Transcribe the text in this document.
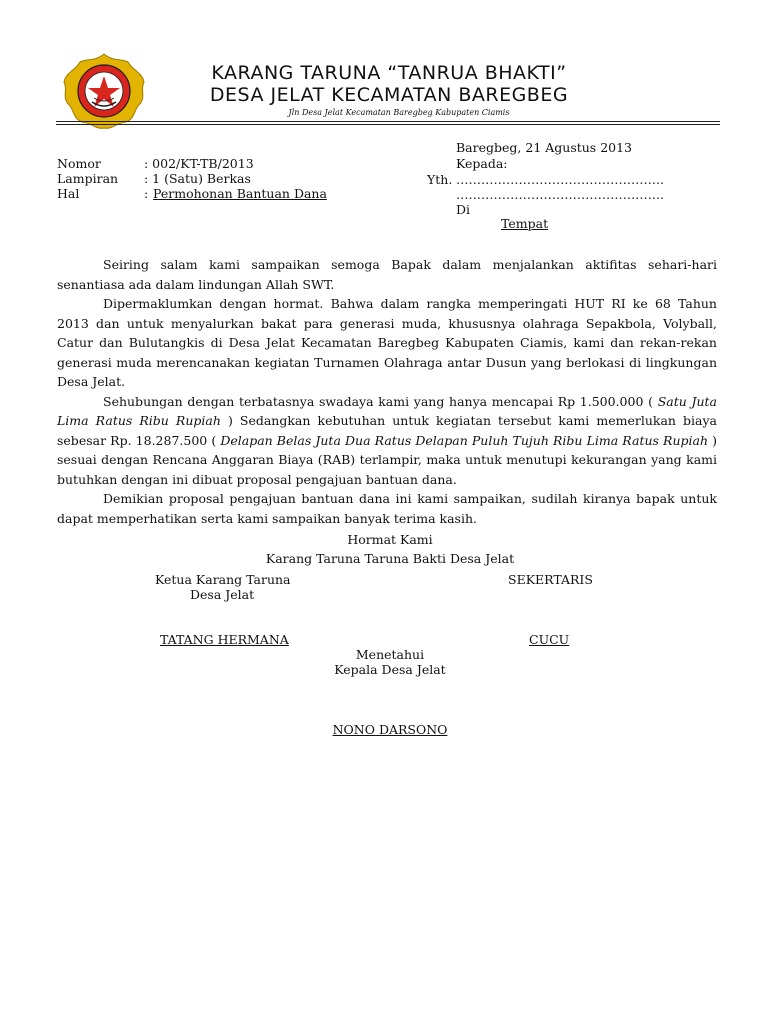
KARANG TARUNA “TANRUA BHAKTI”
DESA JELAT KECAMATAN BAREGBEG
Jln Desa Jelat Kecamatan Baregbeg Kabupaten Ciamis
Baregbeg, 21 Agustus 2013
Kepada:
Yth. …………………………………………..
…………………………………………..
Di
Tempat
Nomor	: 002/KT-TB/2013
Lampiran : 1 (Satu) Berkas
Hal	: Permohonan Bantuan Dana

Seiring salam kami sampaikan semoga Bapak dalam menjalankan aktifitas sehari-hari senantiasa ada dalam lindungan Allah SWT.

Dipermaklumkan dengan hormat. Bahwa dalam rangka memperingati HUT RI ke 68 Tahun 2013 dan untuk menyalurkan bakat para generasi muda, khususnya olahraga Sepakbola, Volyball, Catur dan Bulutangkis di Desa Jelat Kecamatan Baregbeg Kabupaten Ciamis, kami dan rekan-rekan generasi muda merencanakan kegiatan Turnamen Olahraga antar Dusun yang berlokasi di lingkungan Desa Jelat.

Sehubungan dengan terbatasnya swadaya kami yang hanya mencapai Rp 1.500.000 ( Satu Juta Lima Ratus Ribu Rupiah ) Sedangkan kebutuhan untuk kegiatan tersebut kami memerlukan biaya sebesar Rp. 18.287.500 ( Delapan Belas Juta Dua Ratus Delapan Puluh Tujuh Ribu Lima Ratus Rupiah ) sesuai dengan Rencana Anggaran Biaya (RAB) terlampir, maka untuk menutupi kekurangan yang kami butuhkan dengan ini dibuat proposal pengajuan bantuan dana.

Demikian proposal pengajuan bantuan dana ini kami sampaikan, sudilah kiranya bapak untuk dapat memperhatikan serta kami sampaikan banyak terima kasih.

Hormat Kami
Karang Taruna Taruna Bakti Desa Jelat
Ketua Karang Taruna
Desa Jelat
SEKERTARIS
TATANG HERMANA	CUCU
Menetahui
Kepala Desa Jelat
NONO DARSONO
